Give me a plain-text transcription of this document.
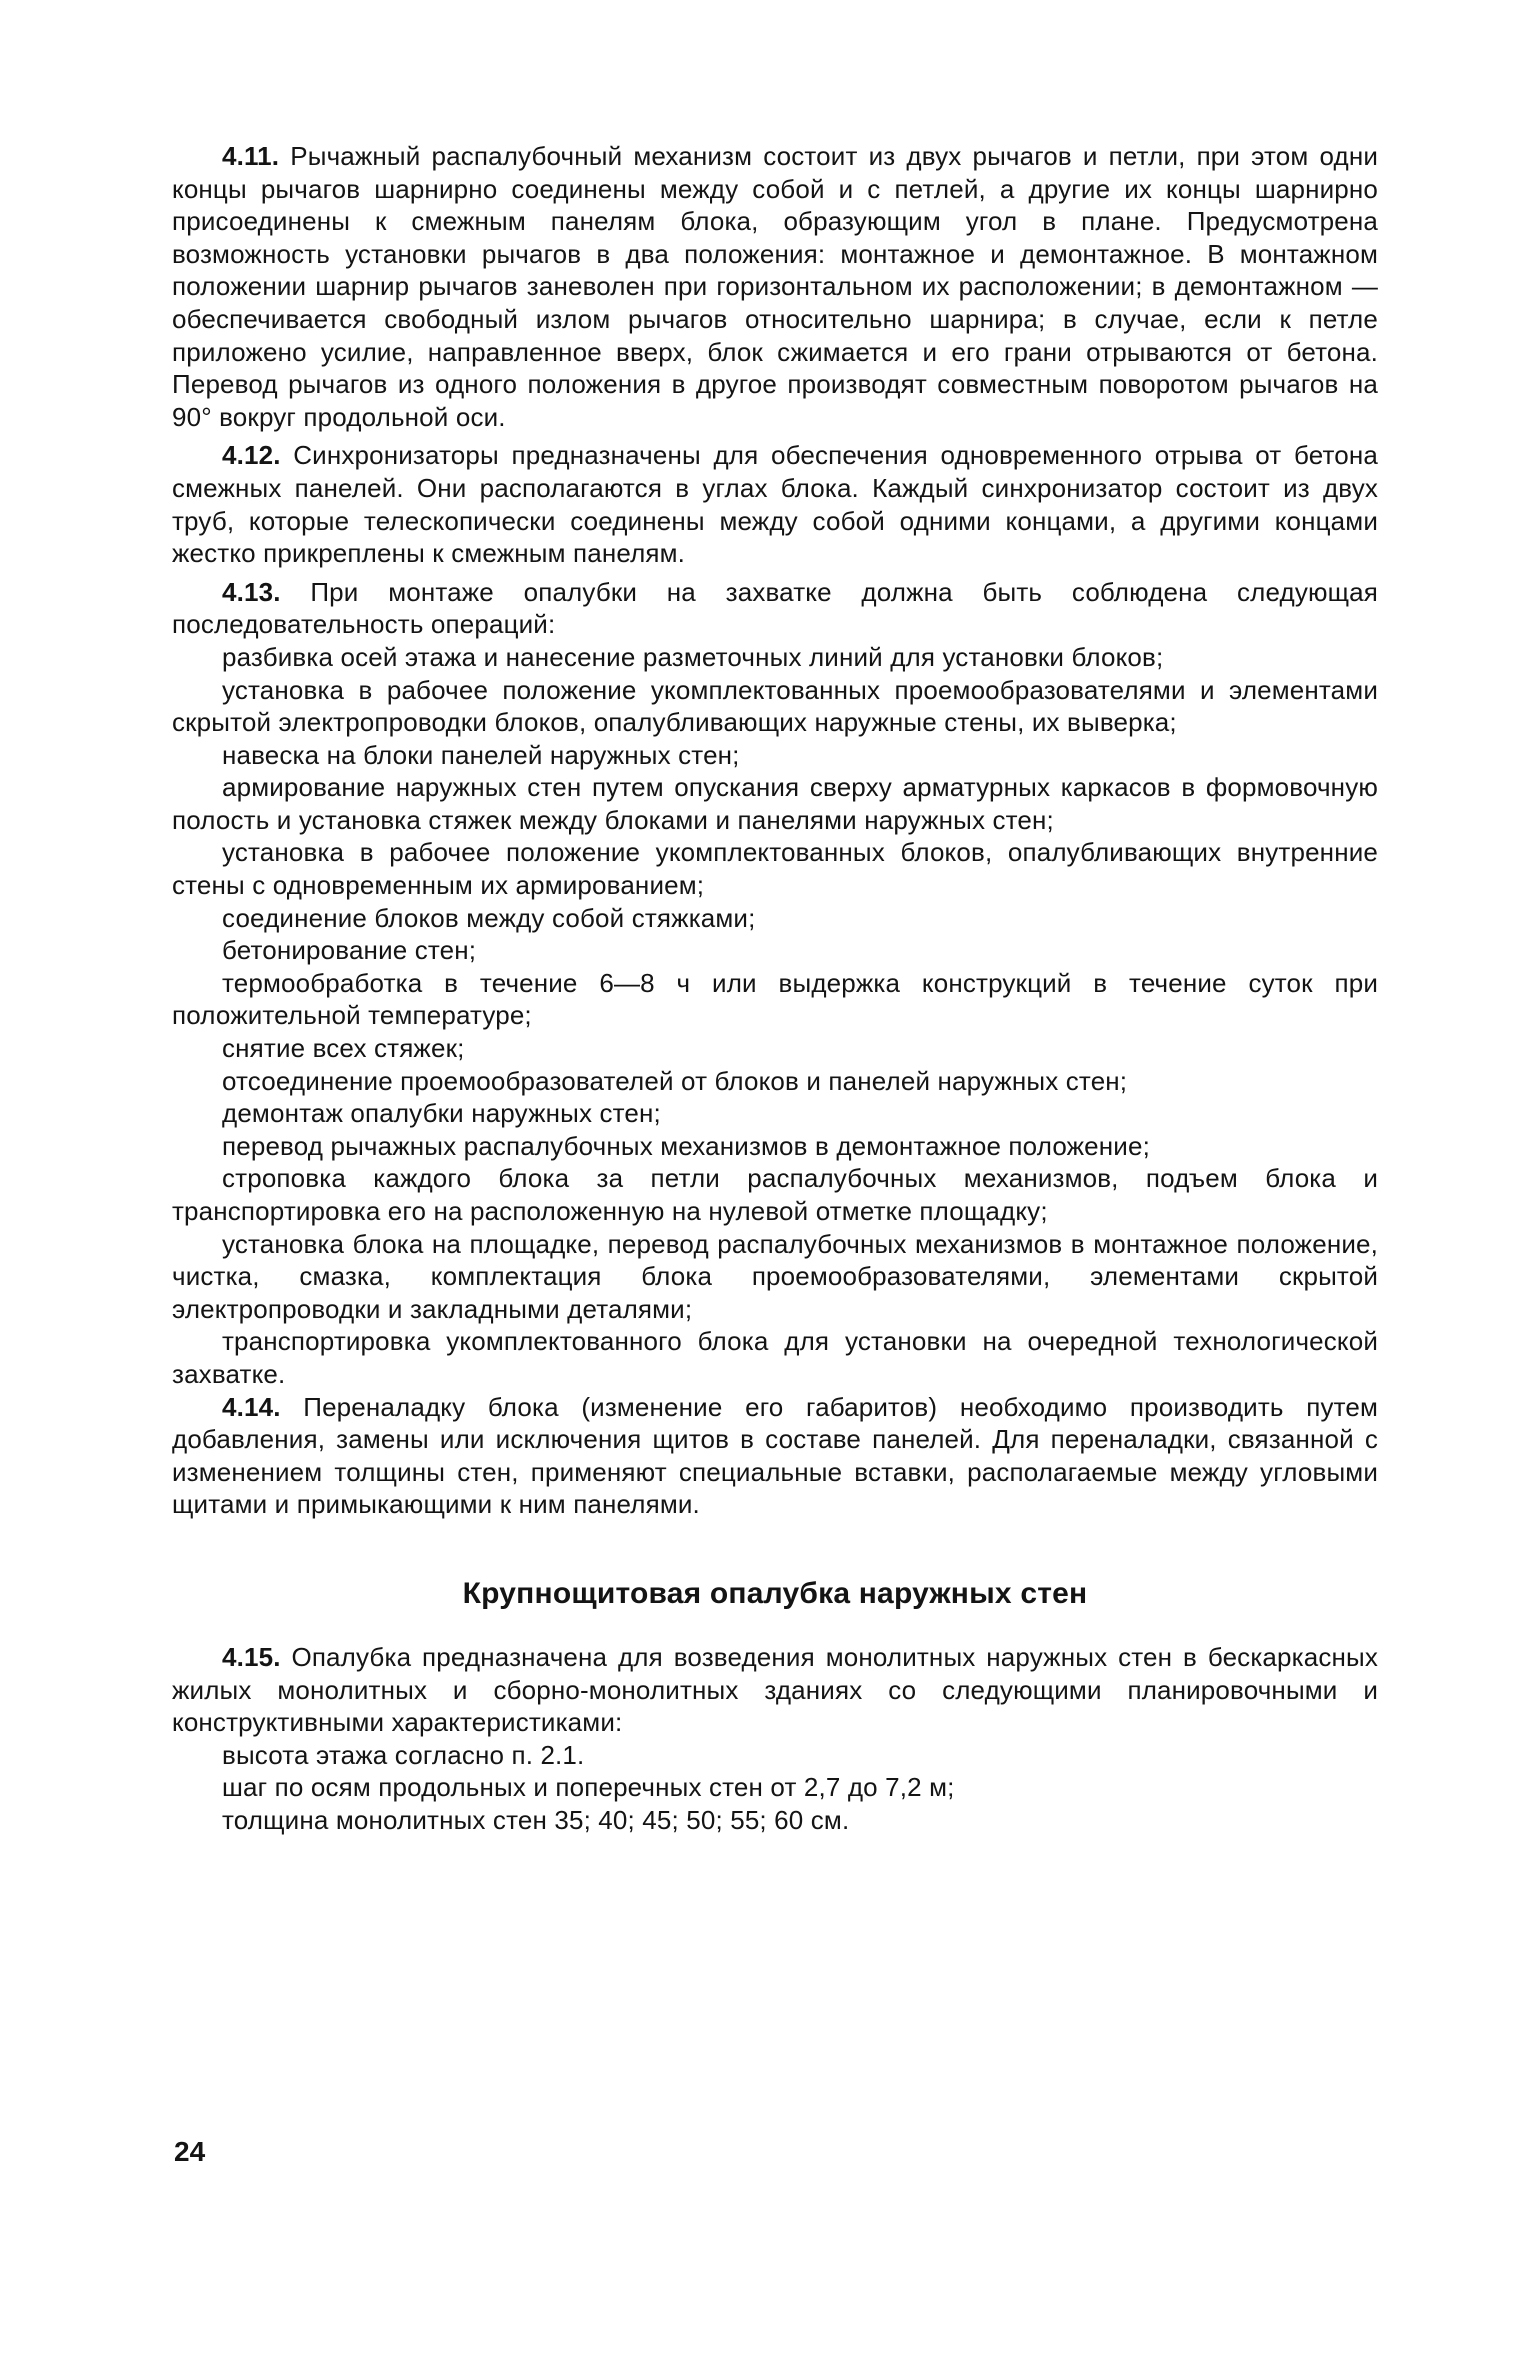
4.11. Рычажный распалубочный механизм состоит из двух рычагов и петли, при этом одни концы рычагов шарнирно соединены между собой и с петлей, а другие их концы шарнирно присоединены к смежным панелям блока, образующим угол в плане. Предусмотрена возможность установки рычагов в два положения: монтажное и демонтажное. В монтажном положении шарнир рычагов заневолен при горизонтальном их расположении; в демонтажном — обеспечивается свободный излом рычагов относительно шарнира; в случае, если к петле приложено усилие, направленное вверх, блок сжимается и его грани отрываются от бетона. Перевод рычагов из одного положения в другое производят совместным поворотом рычагов на 90° вокруг продольной оси.

4.12. Синхронизаторы предназначены для обеспечения одновременного отрыва от бетона смежных панелей. Они располагаются в углах блока. Каждый синхронизатор состоит из двух труб, которые телескопически соединены между собой одними концами, а другими концами жестко прикреплены к смежным панелям.

4.13. При монтаже опалубки на захватке должна быть соблюдена следующая последовательность операций:

разбивка осей этажа и нанесение разметочных линий для установки блоков;

установка в рабочее положение укомплектованных проемообразователями и элементами скрытой электропроводки блоков, опалубливающих наружные стены, их выверка;

навеска на блоки панелей наружных стен;

армирование наружных стен путем опускания сверху арматурных каркасов в формовочную полость и установка стяжек между блоками и панелями наружных стен;

установка в рабочее положение укомплектованных блоков, опалубливающих внутренние стены с одновременным их армированием;

соединение блоков между собой стяжками;

бетонирование стен;

термообработка в течение 6—8 ч или выдержка конструкций в течение суток при положительной температуре;

снятие всех стяжек;

отсоединение проемообразователей от блоков и панелей наружных стен;

демонтаж опалубки наружных стен;

перевод рычажных распалубочных механизмов в демонтажное положение;

строповка каждого блока за петли распалубочных механизмов, подъем блока и транспортировка его на расположенную на нулевой отметке площадку;

установка блока на площадке, перевод распалубочных механизмов в монтажное положение, чистка, смазка, комплектация блока проемообразователями, элементами скрытой электропроводки и закладными деталями;

транспортировка укомплектованного блока для установки на очередной технологической захватке.

4.14. Переналадку блока (изменение его габаритов) необходимо производить путем добавления, замены или исключения щитов в составе панелей. Для переналадки, связанной с изменением толщины стен, применяют специальные вставки, располагаемые между угловыми щитами и примыкающими к ним панелями.

Крупнощитовая опалубка наружных стен

4.15. Опалубка предназначена для возведения монолитных наружных стен в бескаркасных жилых монолитных и сборно-монолитных зданиях со следующими планировочными и конструктивными характеристиками:

высота этажа согласно п. 2.1.

шаг по осям продольных и поперечных стен от 2,7 до 7,2 м;

толщина монолитных стен 35; 40; 45; 50; 55; 60 см.

24
